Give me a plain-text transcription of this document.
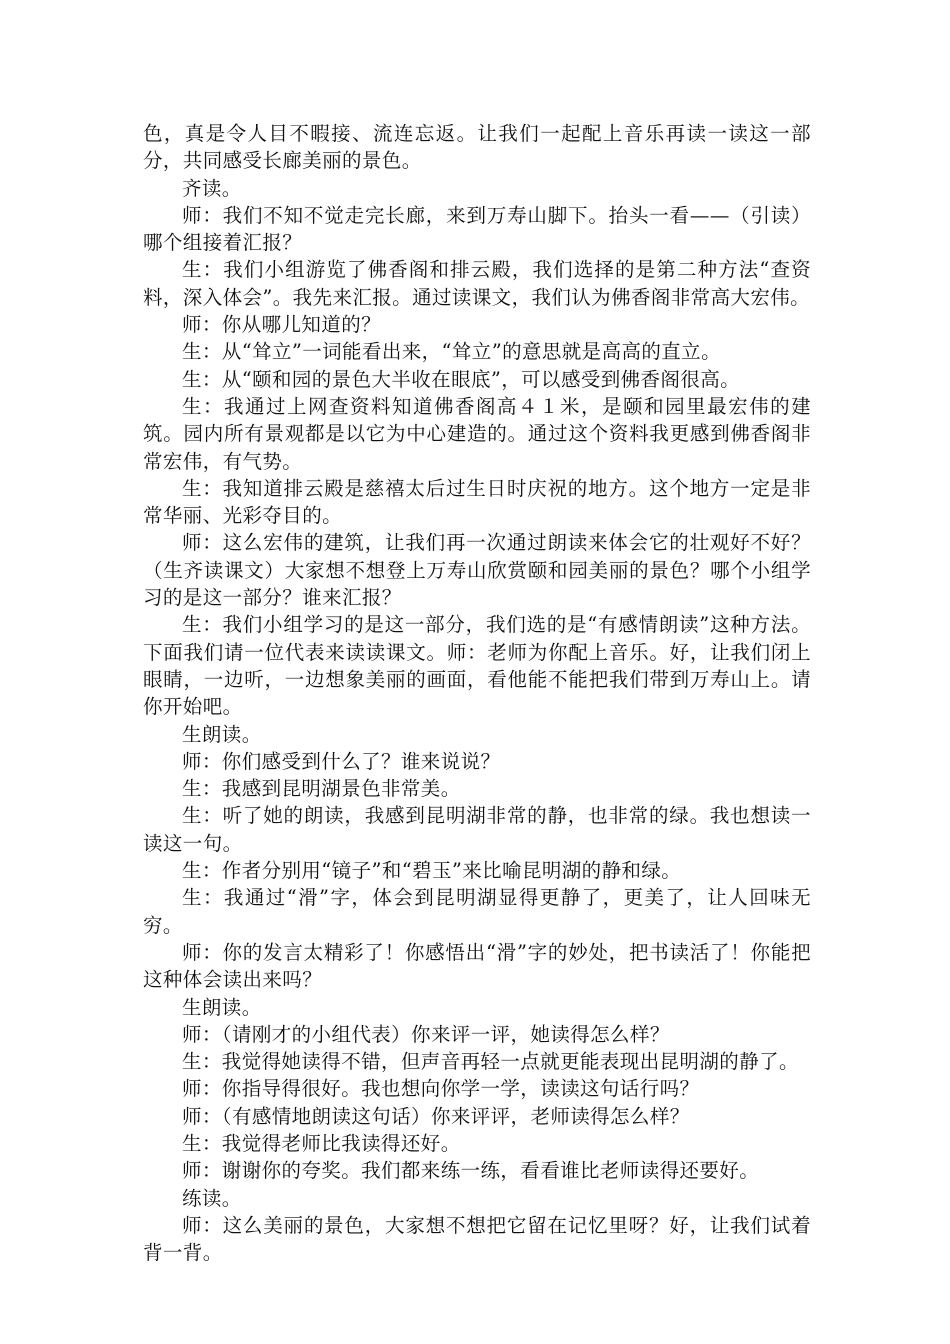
色，真是令人目不暇接、流连忘返。让我们一起配上音乐再读一读这一部分，共同感受长廊美丽的景色。

齐读。

师：我们不知不觉走完长廊，来到万寿山脚下。抬头一看——（引读）哪个组接着汇报？

生：我们小组游览了佛香阁和排云殿，我们选择的是第二种方法“查资料，深入体会”。我先来汇报。通过读课文，我们认为佛香阁非常高大宏伟。

师：你从哪儿知道的？

生：从“耸立”一词能看出来，“耸立”的意思就是高高的直立。

生：从“颐和园的景色大半收在眼底”，可以感受到佛香阁很高。

生：我通过上网查资料知道佛香阁高４１米，是颐和园里最宏伟的建筑。园内所有景观都是以它为中心建造的。通过这个资料我更感到佛香阁非常宏伟，有气势。

生：我知道排云殿是慈禧太后过生日时庆祝的地方。这个地方一定是非常华丽、光彩夺目的。

师：这么宏伟的建筑，让我们再一次通过朗读来体会它的壮观好不好？（生齐读课文）大家想不想登上万寿山欣赏颐和园美丽的景色？哪个小组学习的是这一部分？谁来汇报？

生：我们小组学习的是这一部分，我们选的是“有感情朗读”这种方法。下面我们请一位代表来读读课文。师：老师为你配上音乐。好，让我们闭上眼睛，一边听，一边想象美丽的画面，看他能不能把我们带到万寿山上。请你开始吧。

生朗读。

师：你们感受到什么了？谁来说说？

生：我感到昆明湖景色非常美。

生：听了她的朗读，我感到昆明湖非常的静，也非常的绿。我也想读一读这一句。

生：作者分别用“镜子”和“碧玉”来比喻昆明湖的静和绿。

生：我通过“滑”字，体会到昆明湖显得更静了，更美了，让人回味无穷。

师：你的发言太精彩了！你感悟出“滑”字的妙处，把书读活了！你能把这种体会读出来吗？

生朗读。

师：（请刚才的小组代表）你来评一评，她读得怎么样？

生：我觉得她读得不错，但声音再轻一点就更能表现出昆明湖的静了。

师：你指导得很好。我也想向你学一学，读读这句话行吗？

师：（有感情地朗读这句话）你来评评，老师读得怎么样？

生：我觉得老师比我读得还好。

师：谢谢你的夸奖。我们都来练一练，看看谁比老师读得还要好。

练读。

师：这么美丽的景色，大家想不想把它留在记忆里呀？好，让我们试着背一背。
